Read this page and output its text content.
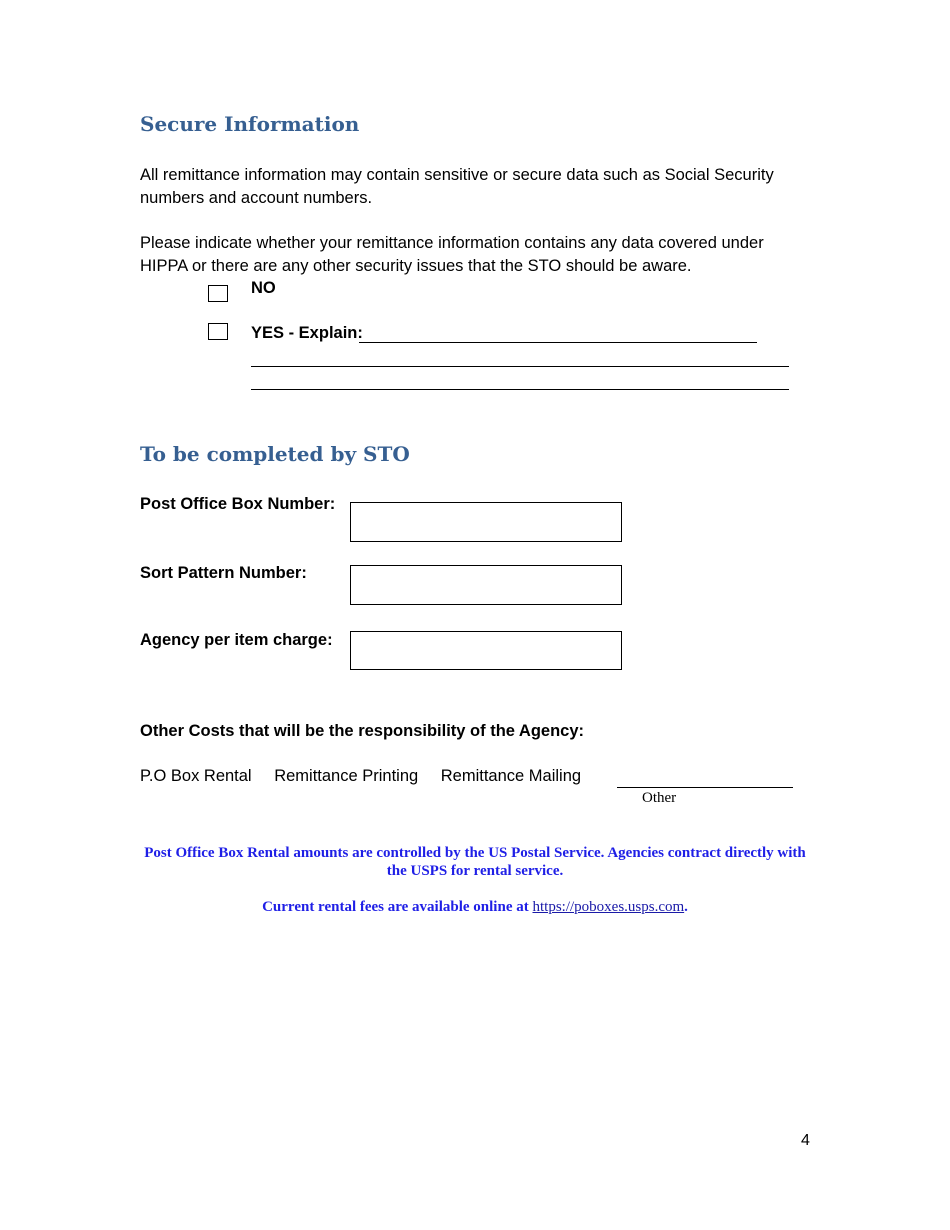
Secure Information

All remittance information may contain sensitive or secure data such as Social Security numbers and account numbers.

Please indicate whether your remittance information contains any data covered under HIPPA or there are any other security issues that the STO should be aware.

NO
YES - Explain:
To be completed by STO
Post Office Box Number:
Sort Pattern Number:
Agency per item charge:
Other Costs that will be the responsibility of the Agency:
P.O Box Rental Remittance Printing Remittance Mailing
Other
Post Office Box Rental amounts are controlled by the US Postal Service. Agencies contract directly with the USPS for rental service.
Current rental fees are available online at https://poboxes.usps.com.
4
